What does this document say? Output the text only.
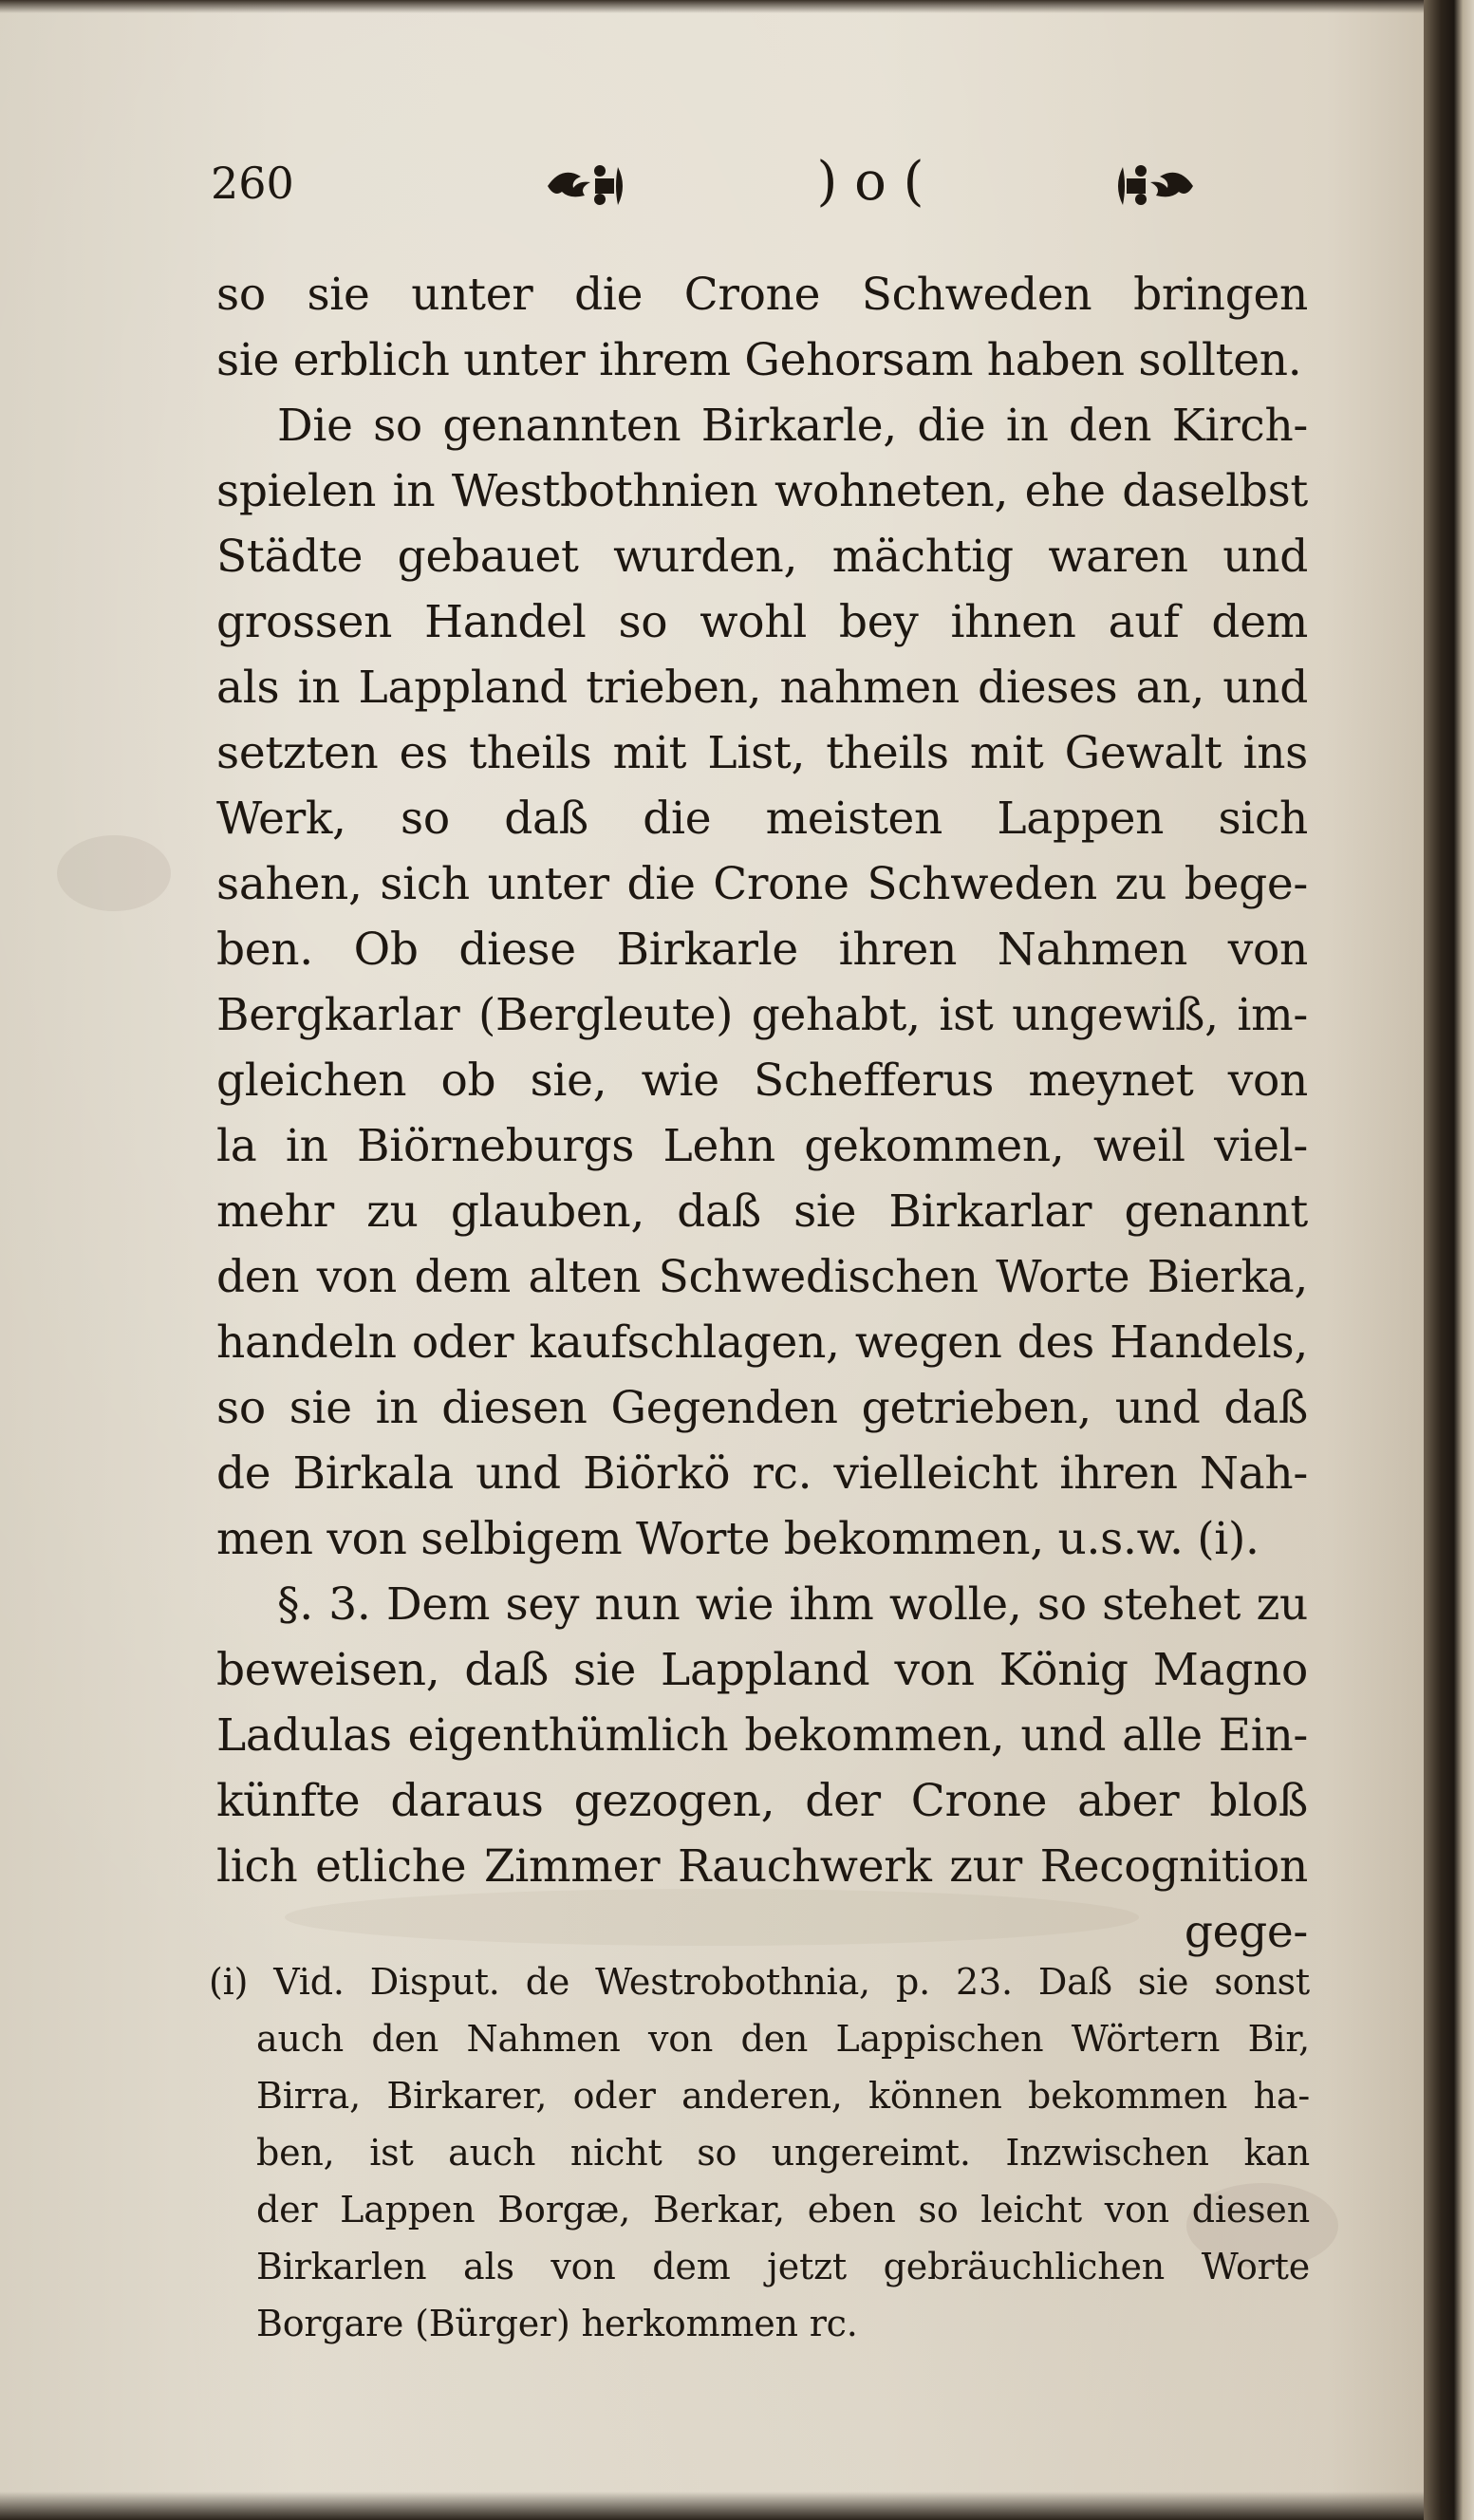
260	) o (
so sie unter die Crone Schweden bringen
sie erblich unter ihrem Gehorsam haben sollten.
Die so genannten Birkarle, die in den Kirch-
spielen in Westbothnien wohneten, ehe daselbst
Städte gebauet wurden, mächtig waren und
grossen Handel so wohl bey ihnen auf dem
als in Lappland trieben, nahmen dieses an, und
setzten es theils mit List, theils mit Gewalt ins
Werk, so daß die meisten Lappen sich
sahen, sich unter die Crone Schweden zu bege-
ben. Ob diese Birkarle ihren Nahmen von
Bergkarlar (Bergleute) gehabt, ist ungewiß, im-
gleichen ob sie, wie Schefferus meynet von
la in Biörneburgs Lehn gekommen, weil viel-
mehr zu glauben, daß sie Birkarlar genannt
den von dem alten Schwedischen Worte Bierka,
handeln oder kaufschlagen, wegen des Handels,
so sie in diesen Gegenden getrieben, und daß
de Birkala und Biörkö rc. vielleicht ihren Nah-
men von selbigem Worte bekommen, u.s.w. (i).
§. 3. Dem sey nun wie ihm wolle, so stehet zu
beweisen, daß sie Lappland von König Magno
Ladulas eigenthümlich bekommen, und alle Ein-
künfte daraus gezogen, der Crone aber bloß
lich etliche Zimmer Rauchwerk zur Recognition
gege-
(i) Vid. Disput. de Westrobothnia, p. 23. Daß sie sonst
auch den Nahmen von den Lappischen Wörtern Bir,
Birra, Birkarer, oder anderen, können bekommen ha-
ben, ist auch nicht so ungereimt. Inzwischen kan
der Lappen Borgæ, Berkar, eben so leicht von diesen
Birkarlen als von dem jetzt gebräuchlichen Worte
Borgare (Bürger) herkommen rc.
